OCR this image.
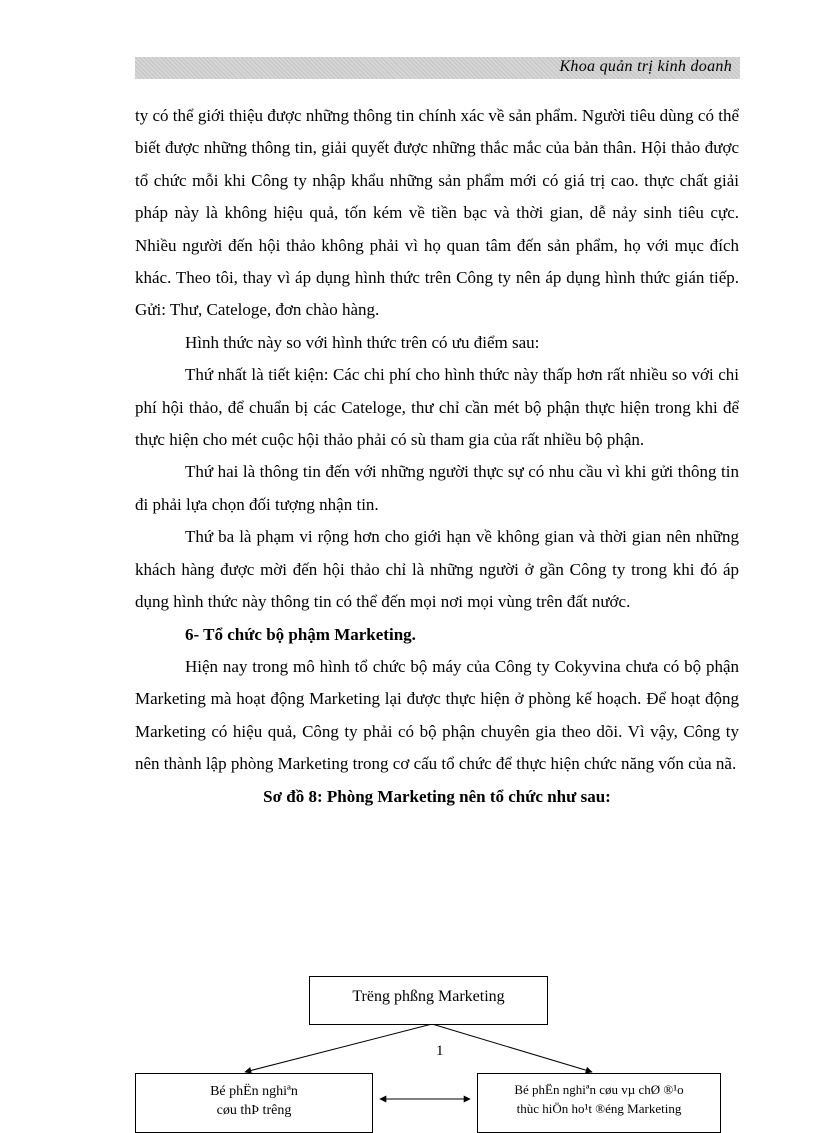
Khoa quản trị kinh doanh

ty có thể giới thiệu được những thông tin chính xác về sản phẩm. Người tiêu dùng có thể biết được những thông tin, giải quyết được những thắc mắc của bản thân. Hội thảo được tổ chức mỗi khi Công ty nhập khẩu những sản phẩm mới có giá trị cao. thực chất giải pháp này là không hiệu quả, tốn kém về tiền bạc và thời gian, dễ nảy sinh tiêu cực. Nhiều người đến hội thảo không phải vì họ quan tâm đến sản phẩm, họ với mục đích khác. Theo tôi, thay vì áp dụng hình thức trên Công ty nên áp dụng hình thức gián tiếp. Gửi: Thư, Cateloge, đơn chào hàng.

Hình thức này so với hình thức trên có ưu điểm sau:

Thứ nhất là tiết kiện: Các chi phí cho hình thức này thấp hơn rất nhiều so với chi phí hội thảo, để chuẩn bị các Cateloge, thư chỉ cần mét bộ phận thực hiện trong khi để thực hiện cho mét cuộc hội thảo phải có sù tham gia của rất nhiều bộ phận.

Thứ hai là thông tin đến với những người thực sự có nhu cầu vì khi gửi thông tin đi phải lựa chọn đối tượng nhận tin.

Thứ ba là phạm vi rộng hơn cho giới hạn về không gian và thời gian nên những khách hàng được mời đến hội thảo chỉ là những người ở gần Công ty trong khi đó áp dụng hình thức này thông tin có thể đến mọi nơi mọi vùng trên đất nước.

6- Tổ chức bộ phậm Marketing.

Hiện nay trong mô hình tổ chức bộ máy của Công ty Cokyvina chưa có bộ phận Marketing mà hoạt động Marketing lại được thực hiện ở phòng kế hoạch. Để hoạt động Marketing có hiệu quả, Công ty phải có bộ phận chuyên gia theo dõi. Vì vậy, Công ty nên thành lập phòng Marketing trong cơ cấu tổ chức để thực hiện chức năng vốn của nã.

Sơ đồ 8: Phòng Marketing nên tổ chức như sau:

Trëng phßng Marketing
1
Bé phËn nghiªn
cøu thÞ trêng
Bé phËn nghiªn cøu vµ chØ ®¹o
thùc hiÖn ho¹t ®éng Marketing
